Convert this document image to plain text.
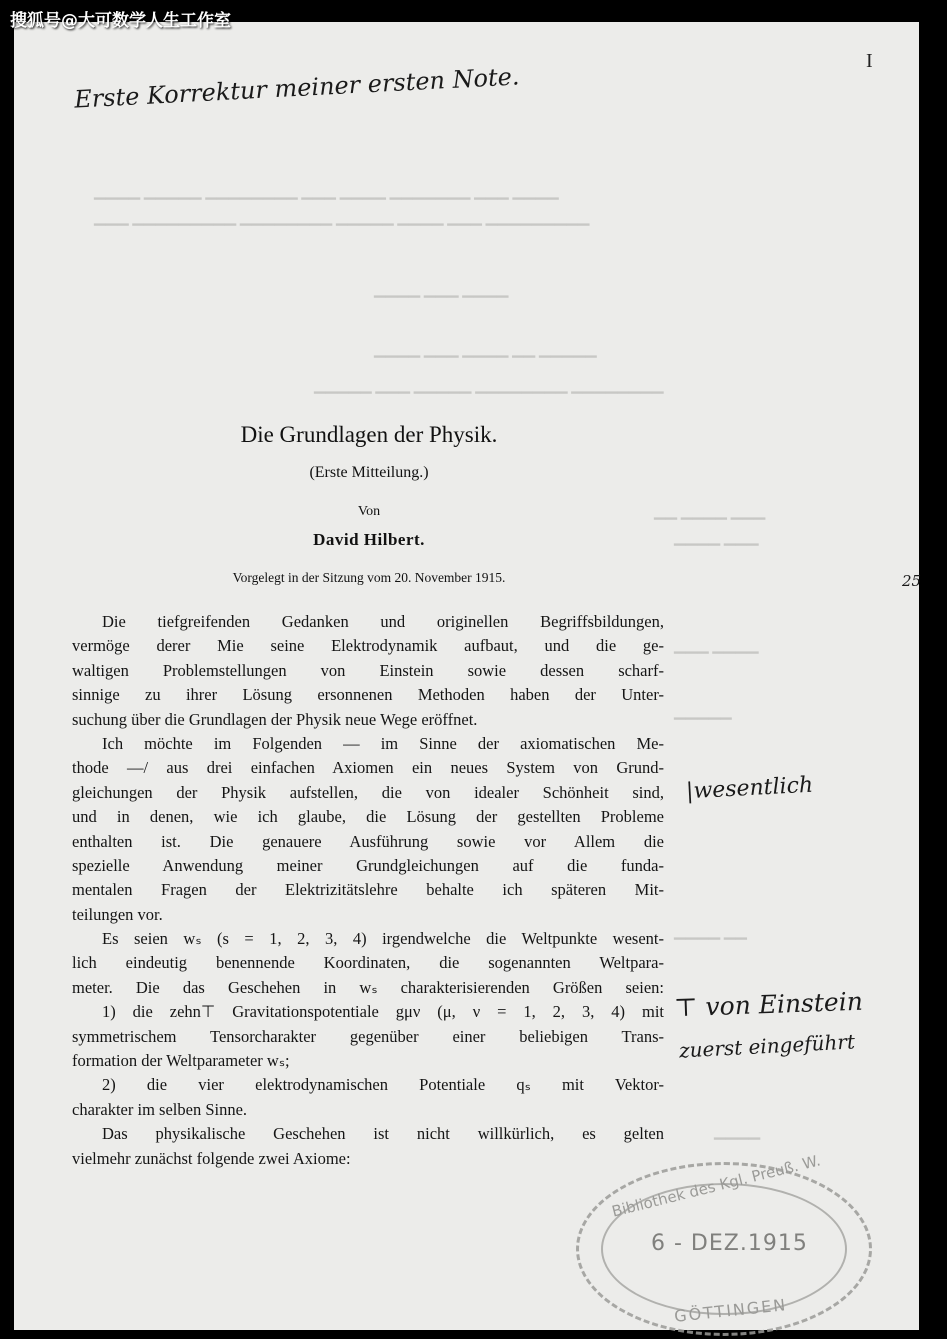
搜狐号@大可数学人生工作室
▁▁▁▁ ▁▁▁▁▁ ▁▁▁▁▁▁▁▁ ▁▁▁ ▁▁▁▁ ▁▁▁▁▁▁▁ ▁▁▁ ▁▁▁▁
▁▁▁ ▁▁▁▁▁▁▁▁▁ ▁▁▁▁▁▁▁▁ ▁▁▁▁▁ ▁▁▁▁ ▁▁▁ ▁▁▁▁▁▁▁▁▁
▁▁▁▁ ▁▁▁ ▁▁▁▁
▁▁▁▁ ▁▁▁ ▁▁▁▁ ▁▁ ▁▁▁▁▁
▁▁▁▁▁ ▁▁▁ ▁▁▁▁▁ ▁▁▁▁▁▁▁▁ ▁▁▁▁▁▁▁▁
▁▁ ▁▁▁▁ ▁▁▁
▁▁▁▁ ▁▁▁
▁▁▁ ▁▁▁▁
▁▁▁▁▁
▁▁▁▁ ▁▁
▁▁▁▁
I
Erste Korrektur meiner ersten Note.
25
|wesentlich
⊤ von Einstein
zuerst eingeführt
Die Grundlagen der Physik.
(Erste Mitteilung.)
Von
David Hilbert.
Vorgelegt in der Sitzung vom 20. November 1915.
Die tiefgreifenden Gedanken und originellen Begriffsbildungen,
vermöge derer Mie seine Elektrodynamik aufbaut, und die ge-
waltigen Problemstellungen von Einstein sowie dessen scharf-
sinnige zu ihrer Lösung ersonnenen Methoden haben der Unter-
suchung über die Grundlagen der Physik neue Wege eröffnet.
Ich möchte im Folgenden — im Sinne der axiomatischen Me-
thode —/ aus drei einfachen Axiomen ein neues System von Grund-
gleichungen der Physik aufstellen, die von idealer Schönheit sind,
und in denen, wie ich glaube, die Lösung der gestellten Probleme
enthalten ist. Die genauere Ausführung sowie vor Allem die
spezielle Anwendung meiner Grundgleichungen auf die funda-
mentalen Fragen der Elektrizitätslehre behalte ich späteren Mit-
teilungen vor.
Es seien wₛ (s = 1, 2, 3, 4) irgendwelche die Weltpunkte wesent-
lich eindeutig benennende Koordinaten, die sogenannten Weltpara-
meter. Die das Geschehen in wₛ charakterisierenden Größen seien:
1) die zehn⊤ Gravitationspotentiale gμν (μ, ν = 1, 2, 3, 4) mit
symmetrischem Tensorcharakter gegenüber einer beliebigen Trans-
formation der Weltparameter wₛ;
2) die vier elektrodynamischen Potentiale qₛ mit Vektor-
charakter im selben Sinne.
Das physikalische Geschehen ist nicht willkürlich, es gelten
vielmehr zunächst folgende zwei Axiome:	Bibliothek des Kgl. Preuß. W.
6 - DEZ.1915
GÖTTINGEN
